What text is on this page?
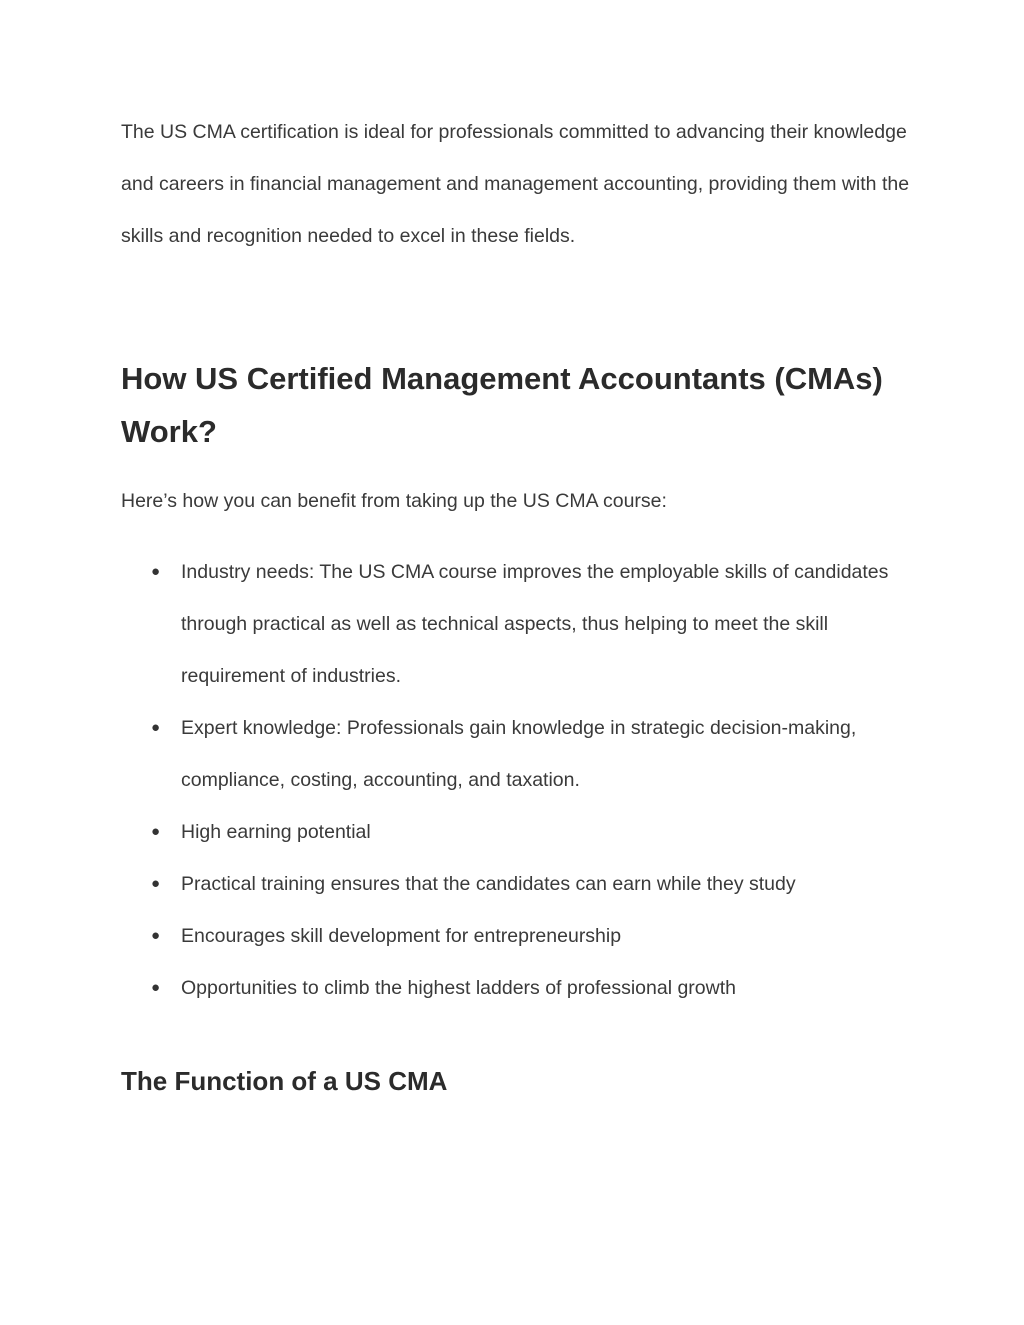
The US CMA certification is ideal for professionals committed to advancing their knowledge and careers in financial management and management accounting, providing them with the skills and recognition needed to excel in these fields.

How US Certified Management Accountants (CMAs) Work?

Here’s how you can benefit from taking up the US CMA course:

● Industry needs: The US CMA course improves the employable skills of candidates through practical as well as technical aspects, thus helping to meet the skill requirement of industries.
● Expert knowledge: Professionals gain knowledge in strategic decision-making, compliance, costing, accounting, and taxation.
● High earning potential
● Practical training ensures that the candidates can earn while they study
● Encourages skill development for entrepreneurship
● Opportunities to climb the highest ladders of professional growth
The Function of a US CMA
